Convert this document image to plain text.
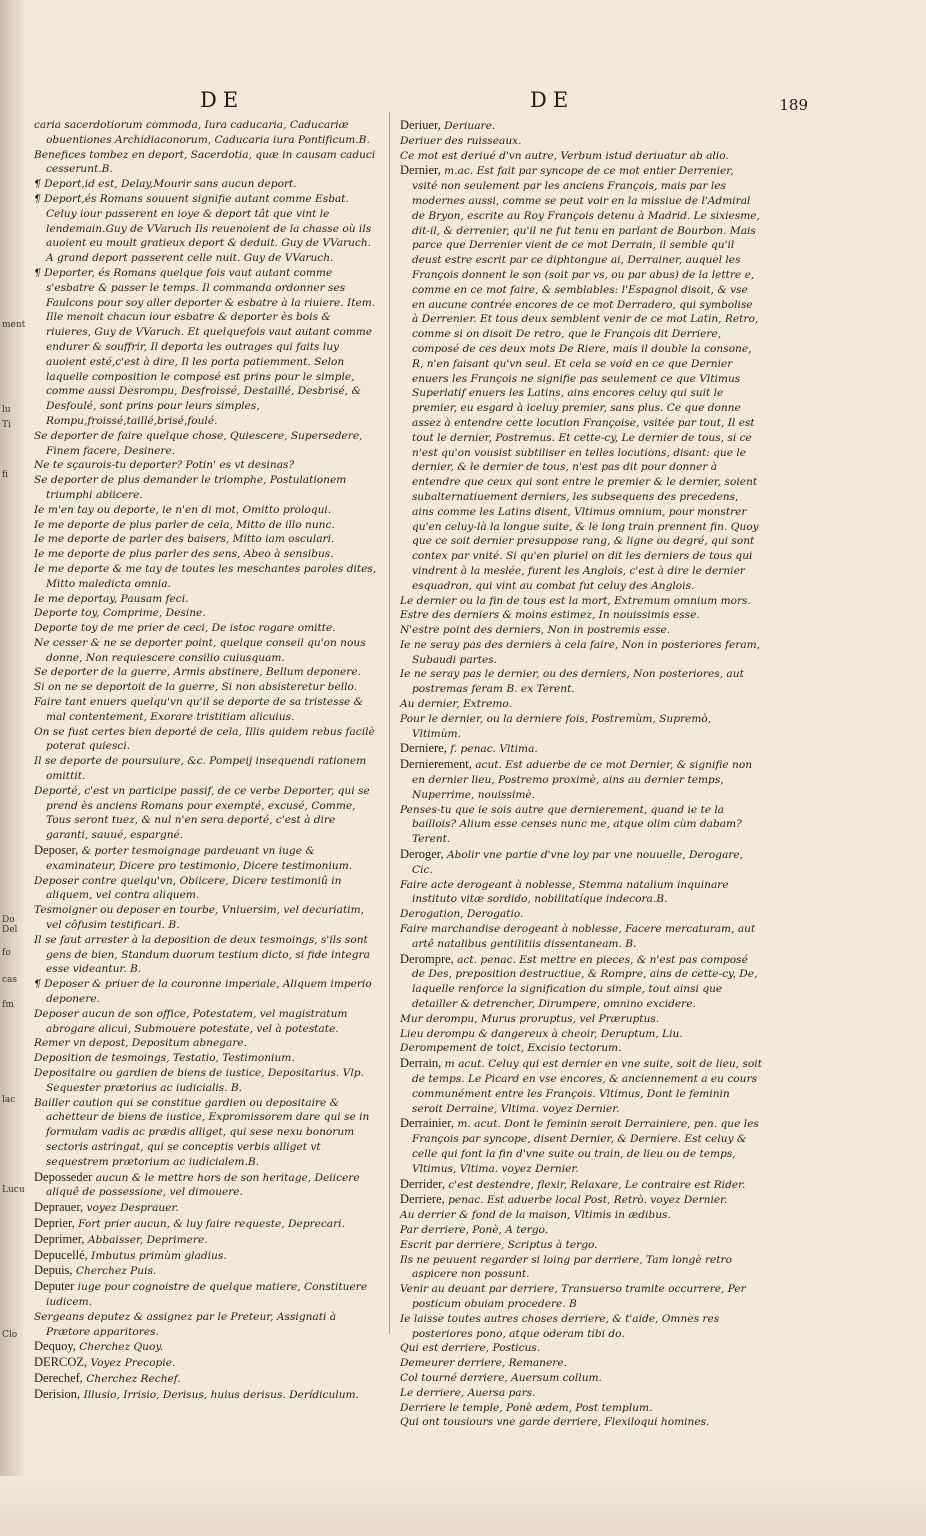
ment
lu
Ti
fi
Do
Del
fo
cas
fm
lac
Lucu
Clo
DE	DE	189

caria sacerdotiorum commoda, Iura caducaria, Caducariæ obuentiones Archidiaconorum, Caducaria iura Pontificum.B.

Benefices tombez en deport, Sacerdotia, quæ in causam caduci cesserunt.B.

¶ Deport,id est, Delay,Mourir sans aucun deport.

¶ Deport,és Romans souuent signifie autant comme Esbat. Celuy iour passerent en ioye & deport tât que vint le lendemain.Guy de VVaruch Ils reuenoient de la chasse où ils auoient eu moult gratieux deport & deduit. Guy de VVaruch. A grand deport passerent celle nuit. Guy de VVaruch.

¶ Deporter, és Romans quelque fois vaut autant comme s'esbatre & passer le temps. Il commanda ordonner ses Faulcons pour soy aller deporter & esbatre à la riuiere. Item. Ille menoit chacun iour esbatre & deporter ès bois & riuieres, Guy de VVaruch. Et quelquefois vaut autant comme endurer & souffrir, Il deporta les outrages qui faits luy auoient esté,c'est à dire, Il les porta patiemment. Selon laquelle composition le composé est prins pour le simple, comme aussi Desrompu, Desfroissé, Destaillé, Desbrisé, & Desfoulé, sont prins pour leurs simples, Rompu,froissé,taillé,brisé,foulé.

Se deporter de faire quelque chose, Quiescere, Supersedere, Finem facere, Desinere.

Ne te sçaurois-tu deporter? Potin' es vt desinas?

Se deporter de plus demander le triomphe, Postulationem triumphi abiicere.

Ie m'en tay ou deporte, ie n'en di mot, Omitto proloqui.

Ie me deporte de plus parler de cela, Mitto de illo nunc.

Ie me deporte de parler des baisers, Mitto iam osculari.

Ie me deporte de plus parler des sens, Abeo à sensibus.

Ie me deporte & me tay de toutes les meschantes paroles dites, Mitto maledicta omnia.

Ie me deportay, Pausam feci.

Deporte toy, Comprime, Desine.

Deporte toy de me prier de ceci, De istoc rogare omitte.

Ne cesser & ne se deporter point, quelque conseil qu'on nous donne, Non requiescere consilio cuiusquam.

Se deporter de la guerre, Armis abstinere, Bellum deponere.

Si on ne se deportoit de la guerre, Si non absisteretur bello.

Faire tant enuers quelqu'vn qu'il se deporte de sa tristesse & mal contentement, Exorare tristitiam alicuius.

On se fust certes bien deporté de cela, Illis quidem rebus facilè poterat quiesci.

Il se deporte de poursuiure, &c. Pompeij insequendi rationem omittit.

Deporté, c'est vn participe passif, de ce verbe Deporter, qui se prend ès anciens Romans pour exempté, excusé, Comme, Tous seront tuez, & nul n'en sera deporté, c'est à dire garanti, sauué, espargné.

Deposer, & porter tesmoignage pardeuant vn iuge & examinateur, Dicere pro testimonio, Dicere testimonium.

Deposer contre quelqu'vn, Obiicere, Dicere testimoniû in aliquem, vel contra aliquem.

Tesmoigner ou deposer en tourbe, Vniuersim, vel decuriatim, vel côfusim testificari. B.

Il se faut arrester à la deposition de deux tesmoings, s'ils sont gens de bien, Standum duorum testium dicto, si fide integra esse videantur. B.

¶ Deposer & priuer de la couronne imperiale, Aliquem imperio deponere.

Deposer aucun de son office, Potestatem, vel magistratum abrogare alicui, Submouere potestate, vel à potestate.

Remer vn depost, Depositum abnegare.

Deposition de tesmoings, Testatio, Testimonium.

Depositaire ou gardien de biens de iustice, Depositarius. Vlp. Sequester prætorius ac iudicialis. B.

Bailler caution qui se constitue gardien ou depositaire & achetteur de biens de iustice, Expromissorem dare qui se in formulam vadis ac prædis alliget, qui sese nexu bonorum sectoris astringat, qui se conceptis verbis alliget vt sequestrem prætorium ac iudicialem.B.

Deposseder aucun & le mettre hors de son heritage, Deiicere aliquê de possessione, vel dimouere.

Deprauer, voyez Desprauer.

Deprier, Fort prier aucun, & luy faire requeste, Deprecari.

Deprimer, Abbaisser, Deprimere.

Depucellé, Imbutus primùm gladius.

Depuis, Cherchez Puis.

Deputer iuge pour cognoistre de quelque matiere, Constituere iudicem.

Sergeans deputez & assignez par le Preteur, Assignati à Prætore apparitores.

Dequoy, Cherchez Quoy.

DERCOZ, Voyez Precopie.

Derechef, Cherchez Rechef.

Derision, Illusio, Irrisio, Derisus, huius derisus. Derídiculum.

Deriuer, Deriuare.

Deriuer des ruisseaux.

Ce mot est deriué d'vn autre, Verbum istud deriuatur ab alio.

Dernier, m.ac. Est fait par syncope de ce mot entier Derrenier, vsité non seulement par les anciens François, mais par les modernes aussi, comme se peut voir en la missiue de l'Admiral de Bryon, escrite au Roy François detenu à Madrid. Le sixiesme, dit-il, & derrenier, qu'il ne fut tenu en parlant de Bourbon. Mais parce que Derrenier vient de ce mot Derrain, il semble qu'il deust estre escrit par ce diphtongue ai, Derrainer, auquel les François donnent le son (soit par vs, ou par abus) de la lettre e, comme en ce mot faire, & semblables: l'Espagnol disoit, & vse en aucune contrée encores de ce mot Derradero, qui symbolise à Derrenier. Et tous deux semblent venir de ce mot Latin, Retro, comme si on disoit De retro, que le François dit Derriere, composé de ces deux mots De Riere, mais il double la consone, R, n'en faisant qu'vn seul. Et cela se void en ce que Dernier enuers les François ne signifie pas seulement ce que Vltimus Superlatif enuers les Latins, ains encores celuy qui suit le premier, eu esgard à iceluy premier, sans plus. Ce que donne assez à entendre cette locution Françoise, vsitée par tout, Il est tout le dernier, Postremus. Et cette-cy, Le dernier de tous, si ce n'est qu'on vousist subtiliser en telles locutions, disant: que le dernier, & le dernier de tous, n'est pas dit pour donner à entendre que ceux qui sont entre le premier & le dernier, soient subalternatiuement derniers, les subsequens des precedens, ains comme les Latins disent, Vltimus omnium, pour monstrer qu'en celuy-là la longue suite, & le long train prennent fin. Quoy que ce soit dernier presuppose rang, & ligne ou degré, qui sont contex par vnité. Si qu'en pluriel on dit les derniers de tous qui vindrent à la meslée, furent les Anglois, c'est à dire le dernier esquadron, qui vint au combat fut celuy des Anglois.

Le dernier ou la fin de tous est la mort, Extremum omnium mors.

Estre des derniers & moins estimez, In nouissimis esse.

N'estre point des derniers, Non in postremis esse.

Ie ne seray pas des derniers à cela faire, Non in posteriores feram, Subaudi partes.

Ie ne seray pas le dernier, ou des derniers, Non posteriores, aut postremas feram B. ex Terent.

Au dernier, Extremo.

Pour le dernier, ou la derniere fois, Postremùm, Supremò, Vltimùm.

Derniere, f. penac. Vltima.

Dernierement, acut. Est aduerbe de ce mot Dernier, & signifie non en dernier lieu, Postremo proximè, ains au dernier temps, Nuperrime, nouissimè.

Penses-tu que ie sois autre que dernierement, quand ie te la baillois? Alium esse censes nunc me, atque olim cùm dabam? Terent.

Deroger, Abolir vne partie d'vne loy par vne nouuelle, Derogare, Cic.

Faire acte derogeant à noblesse, Stemma natalium inquinare instituto vitæ sordido, nobilitatíque indecora.B.

Derogation, Derogatio.

Faire marchandise derogeant à noblesse, Facere mercaturam, aut artê natalibus gentilitiis dissentaneam. B.

Derompre, act. penac. Est mettre en pieces, & n'est pas composé de Des, preposition destructiue, & Rompre, ains de cette-cy, De, laquelle renforce la signification du simple, tout ainsi que detailler & detrencher, Dirumpere, omnino excidere.

Mur derompu, Murus proruptus, vel Præruptus.

Lieu derompu & dangereux à cheoir, Deruptum, Liu.

Derompement de toict, Excisio tectorum.

Derrain, m acut. Celuy qui est dernier en vne suite, soit de lieu, soit de temps. Le Picard en vse encores, & anciennement a eu cours communément entre les François. Vltimus, Dont le feminin seroit Derraine, Vltima. voyez Dernier.

Derrainier, m. acut. Dont le feminin seroit Derrainiere, pen. que les François par syncope, disent Dernier, & Derniere. Est celuy & celle qui font la fin d'vne suite ou train, de lieu ou de temps, Vltimus, Vltima. voyez Dernier.

Derrider, c'est destendre, flexir, Relaxare, Le contraire est Rider.

Derriere, penac. Est aduerbe local Post, Retrò. voyez Dernier.

Au derrier & fond de la maison, Vltimis in ædibus.

Par derriere, Ponè, A tergo.

Escrit par derriere, Scriptus à tergo.

Ils ne peuuent regarder si loing par derriere, Tam longè retro aspicere non possunt.

Venir au deuant par derriere, Transuerso tramite occurrere, Per posticum obuiam procedere. B

Ie laisse toutes autres choses derriere, & t'aide, Omnes res posteriores pono, atque oderam tibi do.

Qui est derriere, Posticus.

Demeurer derriere, Remanere.

Col tourné derriere, Auersum collum.

Le derriere, Auersa pars.

Derriere le temple, Ponè ædem, Post templum.

Qui ont tousiours vne garde derriere, Flexiloqui homines.
